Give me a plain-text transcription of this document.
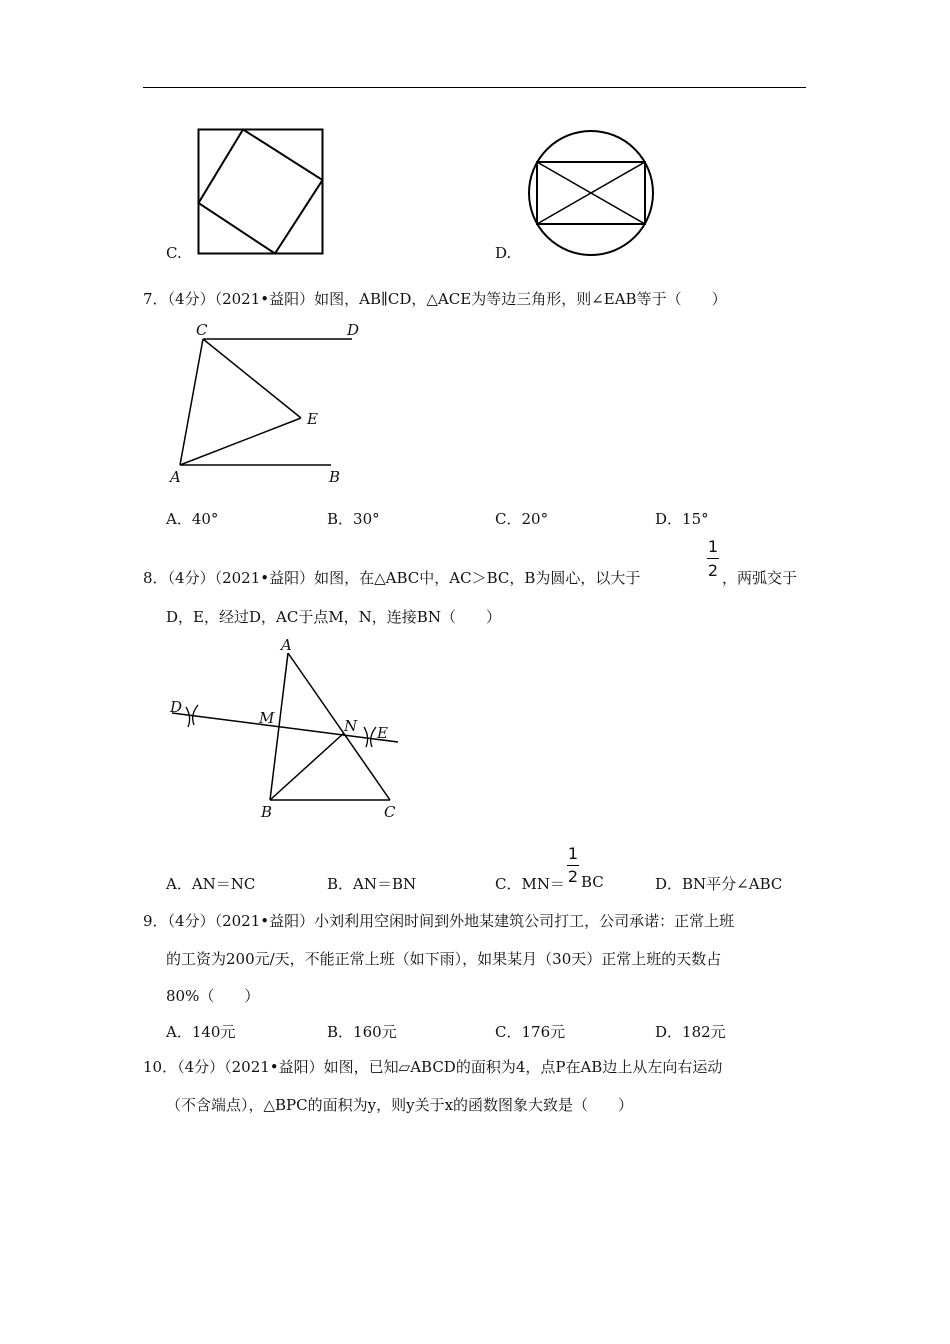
C.	D.
7．（4分）（2021•益阳）如图，AB∥CD，△ACE为等边三角形，则∠EAB等于（　　）
C	D
E
A	B
A．40°	B．30°	C．20°	D．15°
8．（4分）（2021•益阳）如图，在△ABC中，AC＞BC，B为圆心，以大于
1
2 ，两弧交于
D，E，经过D，AC于点M，N，连接BN（　　）
A
D
M	N E
B	C
A．AN＝NC	B．AN＝BN	C．MN＝
1
2 BC	D．BN平分∠ABC
9．（4分）（2021•益阳）小刘利用空闲时间到外地某建筑公司打工，公司承诺：正常上班
的工资为200元/天，不能正常上班（如下雨），如果某月（30天）正常上班的天数占
80%（　　）
A．140元	B．160元	C．176元	D．182元
10．（4分）（2021•益阳）如图，已知▱ABCD的面积为4，点P在AB边上从左向右运动
（不含端点），△BPC的面积为y，则y关于x的函数图象大致是（　　）
